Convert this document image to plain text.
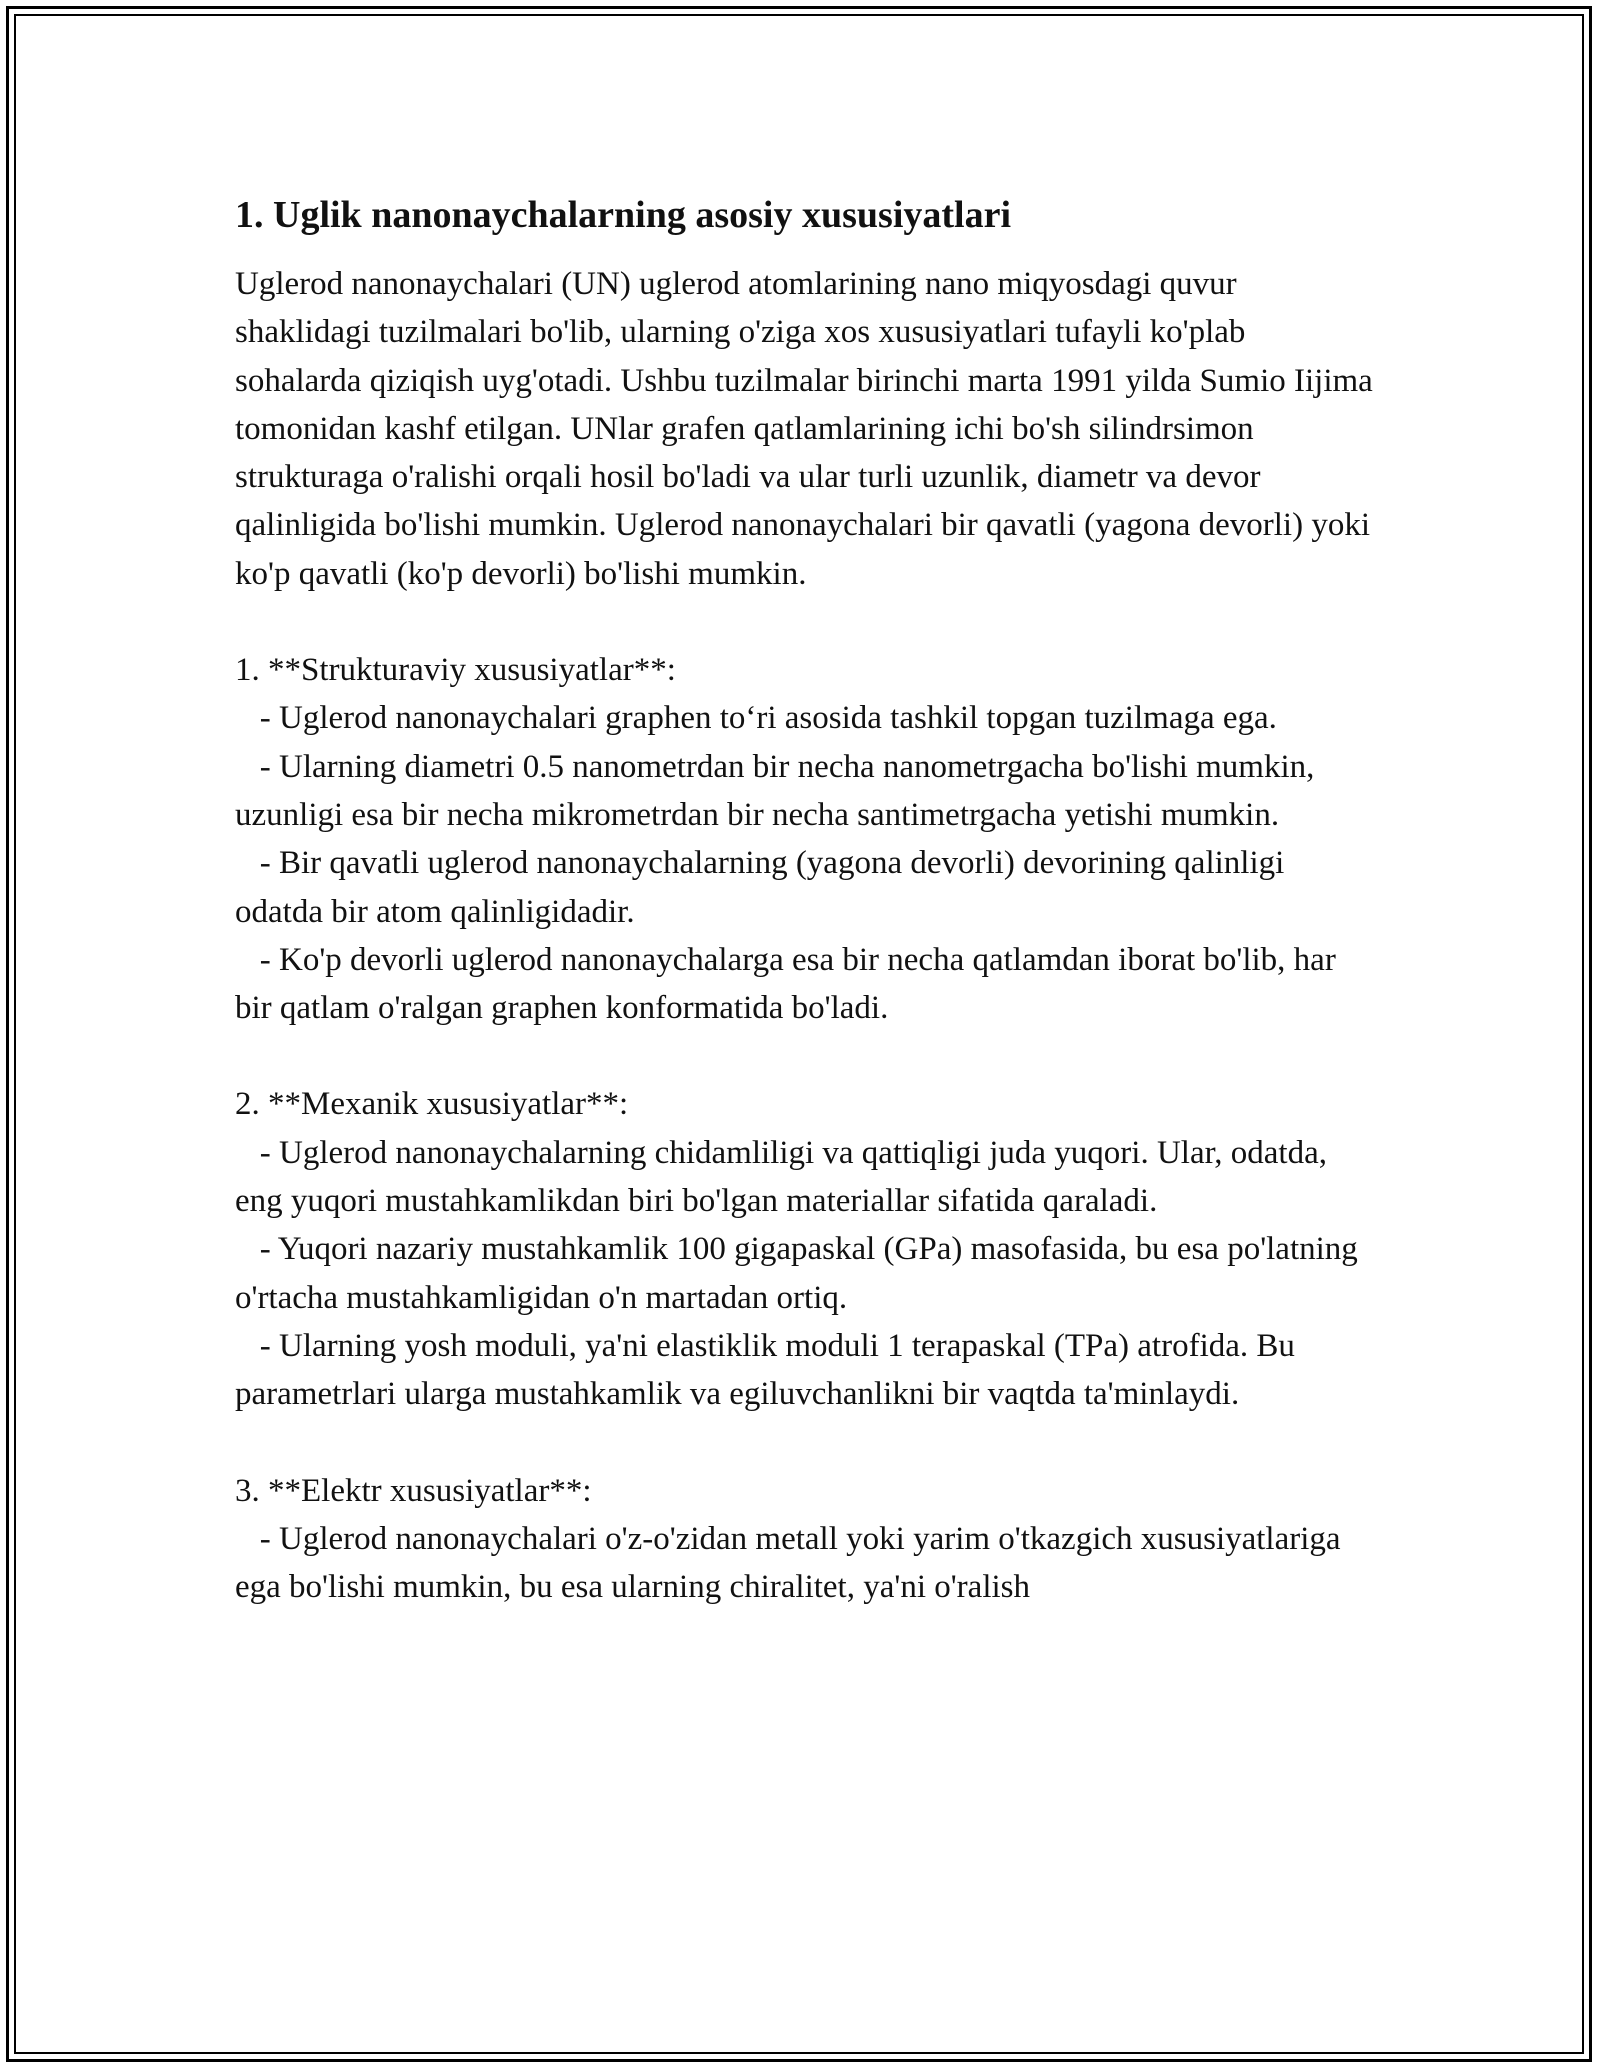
1. Uglik nanonaychalarning asosiy xususiyatlari

Uglerod nanonaychalari (UN) uglerod atomlarining nano miqyosdagi quvur shaklidagi tuzilmalari bo'lib, ularning o'ziga xos xususiyatlari tufayli ko'plab sohalarda qiziqish uyg'otadi. Ushbu tuzilmalar birinchi marta 1991 yilda Sumio Iijima tomonidan kashf etilgan. UNlar grafen qatlamlarining ichi bo'sh silindrsimon strukturaga o'ralishi orqali hosil bo'ladi va ular turli uzunlik, diametr va devor qalinligida bo'lishi mumkin. Uglerod nanonaychalari bir qavatli (yagona devorli) yoki ko'p qavatli (ko'p devorli) bo'lishi mumkin.

1. **Strukturaviy xususiyatlar**:

- Uglerod nanonaychalari graphen to‘ri asosida tashkil topgan tuzilmaga ega.

- Ularning diametri 0.5 nanometrdan bir necha nanometrgacha bo'lishi mumkin, uzunligi esa bir necha mikrometrdan bir necha santimetrgacha yetishi mumkin.

- Bir qavatli uglerod nanonaychalarning (yagona devorli) devorining qalinligi odatda bir atom qalinligidadir.

- Ko'p devorli uglerod nanonaychalarga esa bir necha qatlamdan iborat bo'lib, har bir qatlam o'ralgan graphen konformatida bo'ladi.

2. **Mexanik xususiyatlar**:

- Uglerod nanonaychalarning chidamliligi va qattiqligi juda yuqori. Ular, odatda, eng yuqori mustahkamlikdan biri bo'lgan materiallar sifatida qaraladi.

- Yuqori nazariy mustahkamlik 100 gigapaskal (GPa) masofasida, bu esa po'latning o'rtacha mustahkamligidan o'n martadan ortiq.

- Ularning yosh moduli, ya'ni elastiklik moduli 1 terapaskal (TPa) atrofida. Bu parametrlari ularga mustahkamlik va egiluvchanlikni bir vaqtda ta'minlaydi.

3. **Elektr xususiyatlar**:

- Uglerod nanonaychalari o'z-o'zidan metall yoki yarim o'tkazgich xususiyatlariga ega bo'lishi mumkin, bu esa ularning chiralitet, ya'ni o'ralish
